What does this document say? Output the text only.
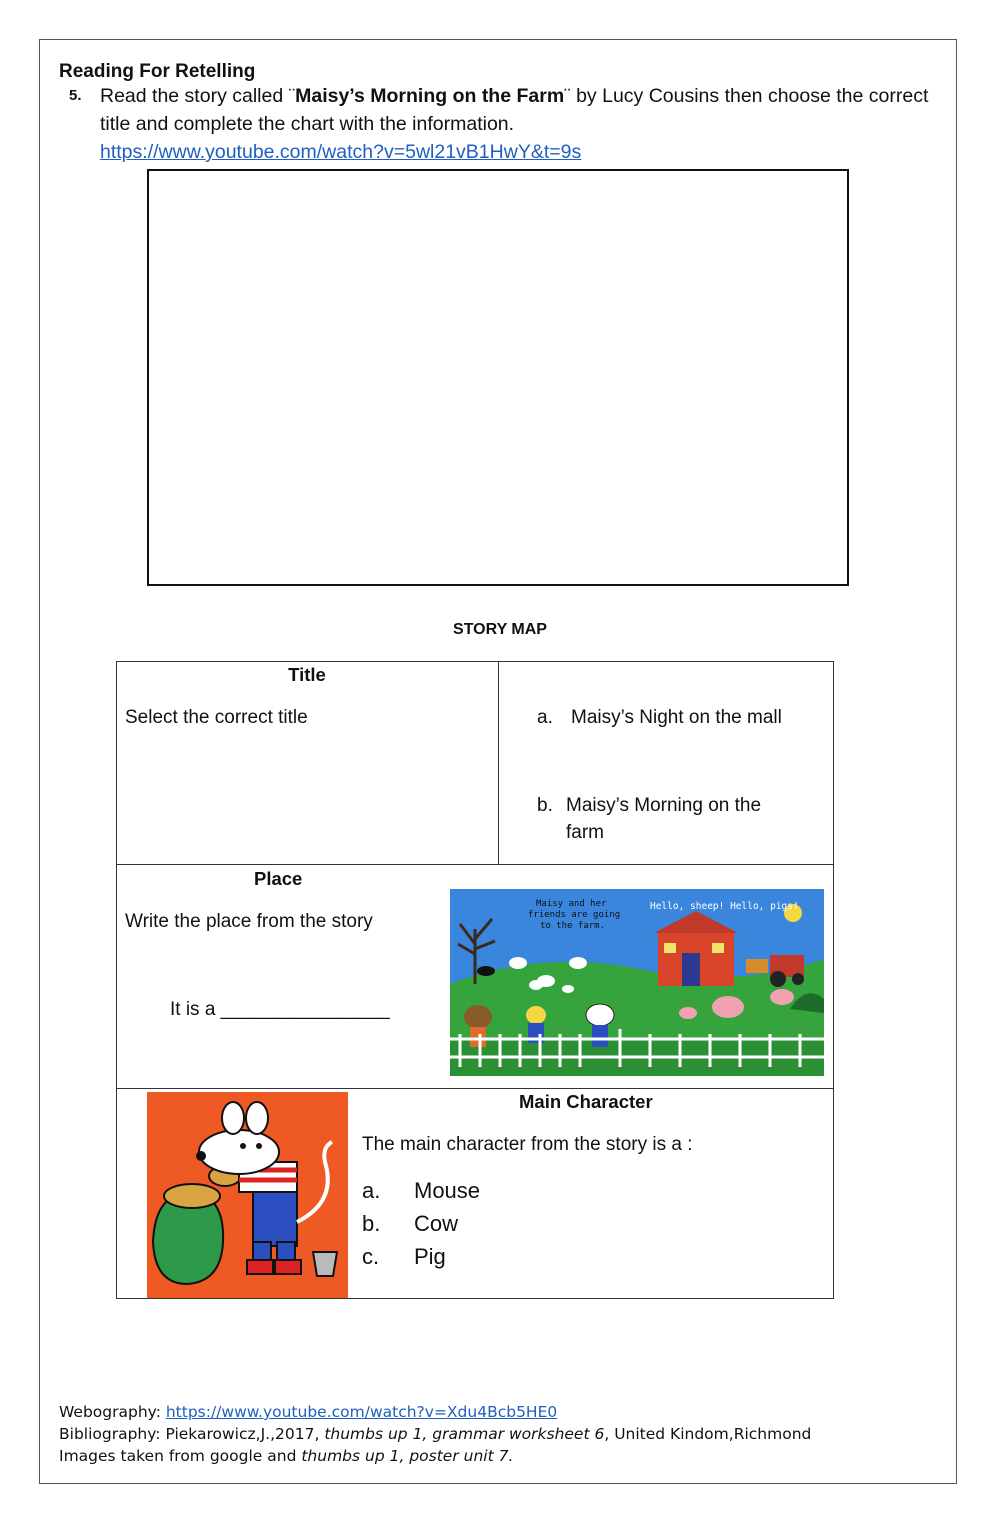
Reading For Retelling
5. Read the story called ¨Maisy’s Morning on the Farm¨ by Lucy Cousins then choose the correct title and complete the chart with the information.
https://www.youtube.com/watch?v=5wl21vB1HwY&t=9s
STORY MAP
Title
Select the correct title	a. Maisy’s Night on the mall
b. Maisy’s Morning on the
farm
Place
Write the place from the story
It is a ________________
Maisy and her friends are going to the farm.
Hello, sheep! Hello, pigs!
Main Character
The main character from the story is a :
a. Mouse
b. Cow
c. Pig
Webography: https://www.youtube.com/watch?v=Xdu4Bcb5HE0
Bibliography: Piekarowicz,J.,2017, thumbs up 1, grammar worksheet 6, United Kindom,Richmond
Images taken from google and thumbs up 1, poster unit 7.
